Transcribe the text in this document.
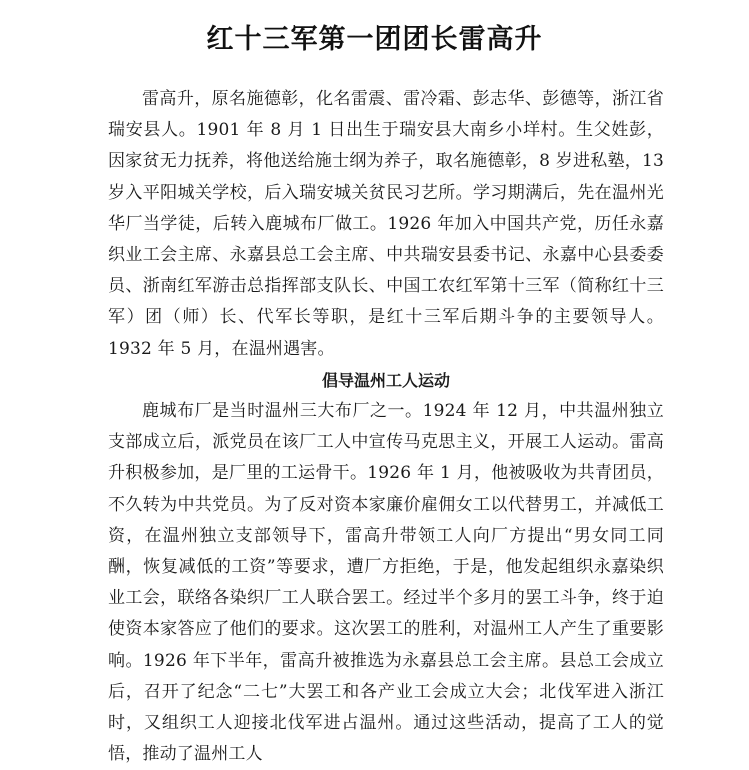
红十三军第一团团长雷高升

雷高升，原名施德彰，化名雷震、雷冷霜、彭志华、彭德等，浙江省瑞安县人。1901 年 8 月 1 日出生于瑞安县大南乡小垟村。生父姓彭，因家贫无力抚养，将他送给施士纲为养子，取名施德彰，8 岁进私塾，13 岁入平阳城关学校，后入瑞安城关贫民习艺所。学习期满后，先在温州光华厂当学徒，后转入鹿城布厂做工。1926 年加入中国共产党，历任永嘉织业工会主席、永嘉县总工会主席、中共瑞安县委书记、永嘉中心县委委员、浙南红军游击总指挥部支队长、中国工农红军第十三军（简称红十三军）团（师）长、代军长等职，是红十三军后期斗争的主要领导人。1932 年 5 月，在温州遇害。

倡导温州工人运动

鹿城布厂是当时温州三大布厂之一。1924 年 12 月，中共温州独立支部成立后，派党员在该厂工人中宣传马克思主义，开展工人运动。雷高升积极参加，是厂里的工运骨干。1926 年 1 月，他被吸收为共青团员，不久转为中共党员。为了反对资本家廉价雇佣女工以代替男工，并减低工资，在温州独立支部领导下，雷高升带领工人向厂方提出“男女同工同酬，恢复减低的工资”等要求，遭厂方拒绝，于是，他发起组织永嘉染织业工会，联络各染织厂工人联合罢工。经过半个多月的罢工斗争，终于迫使资本家答应了他们的要求。这次罢工的胜利，对温州工人产生了重要影响。1926 年下半年，雷高升被推选为永嘉县总工会主席。县总工会成立后，召开了纪念“二七”大罢工和各产业工会成立大会；北伐军进入浙江时，又组织工人迎接北伐军进占温州。通过这些活动，提高了工人的觉悟，推动了温州工人
